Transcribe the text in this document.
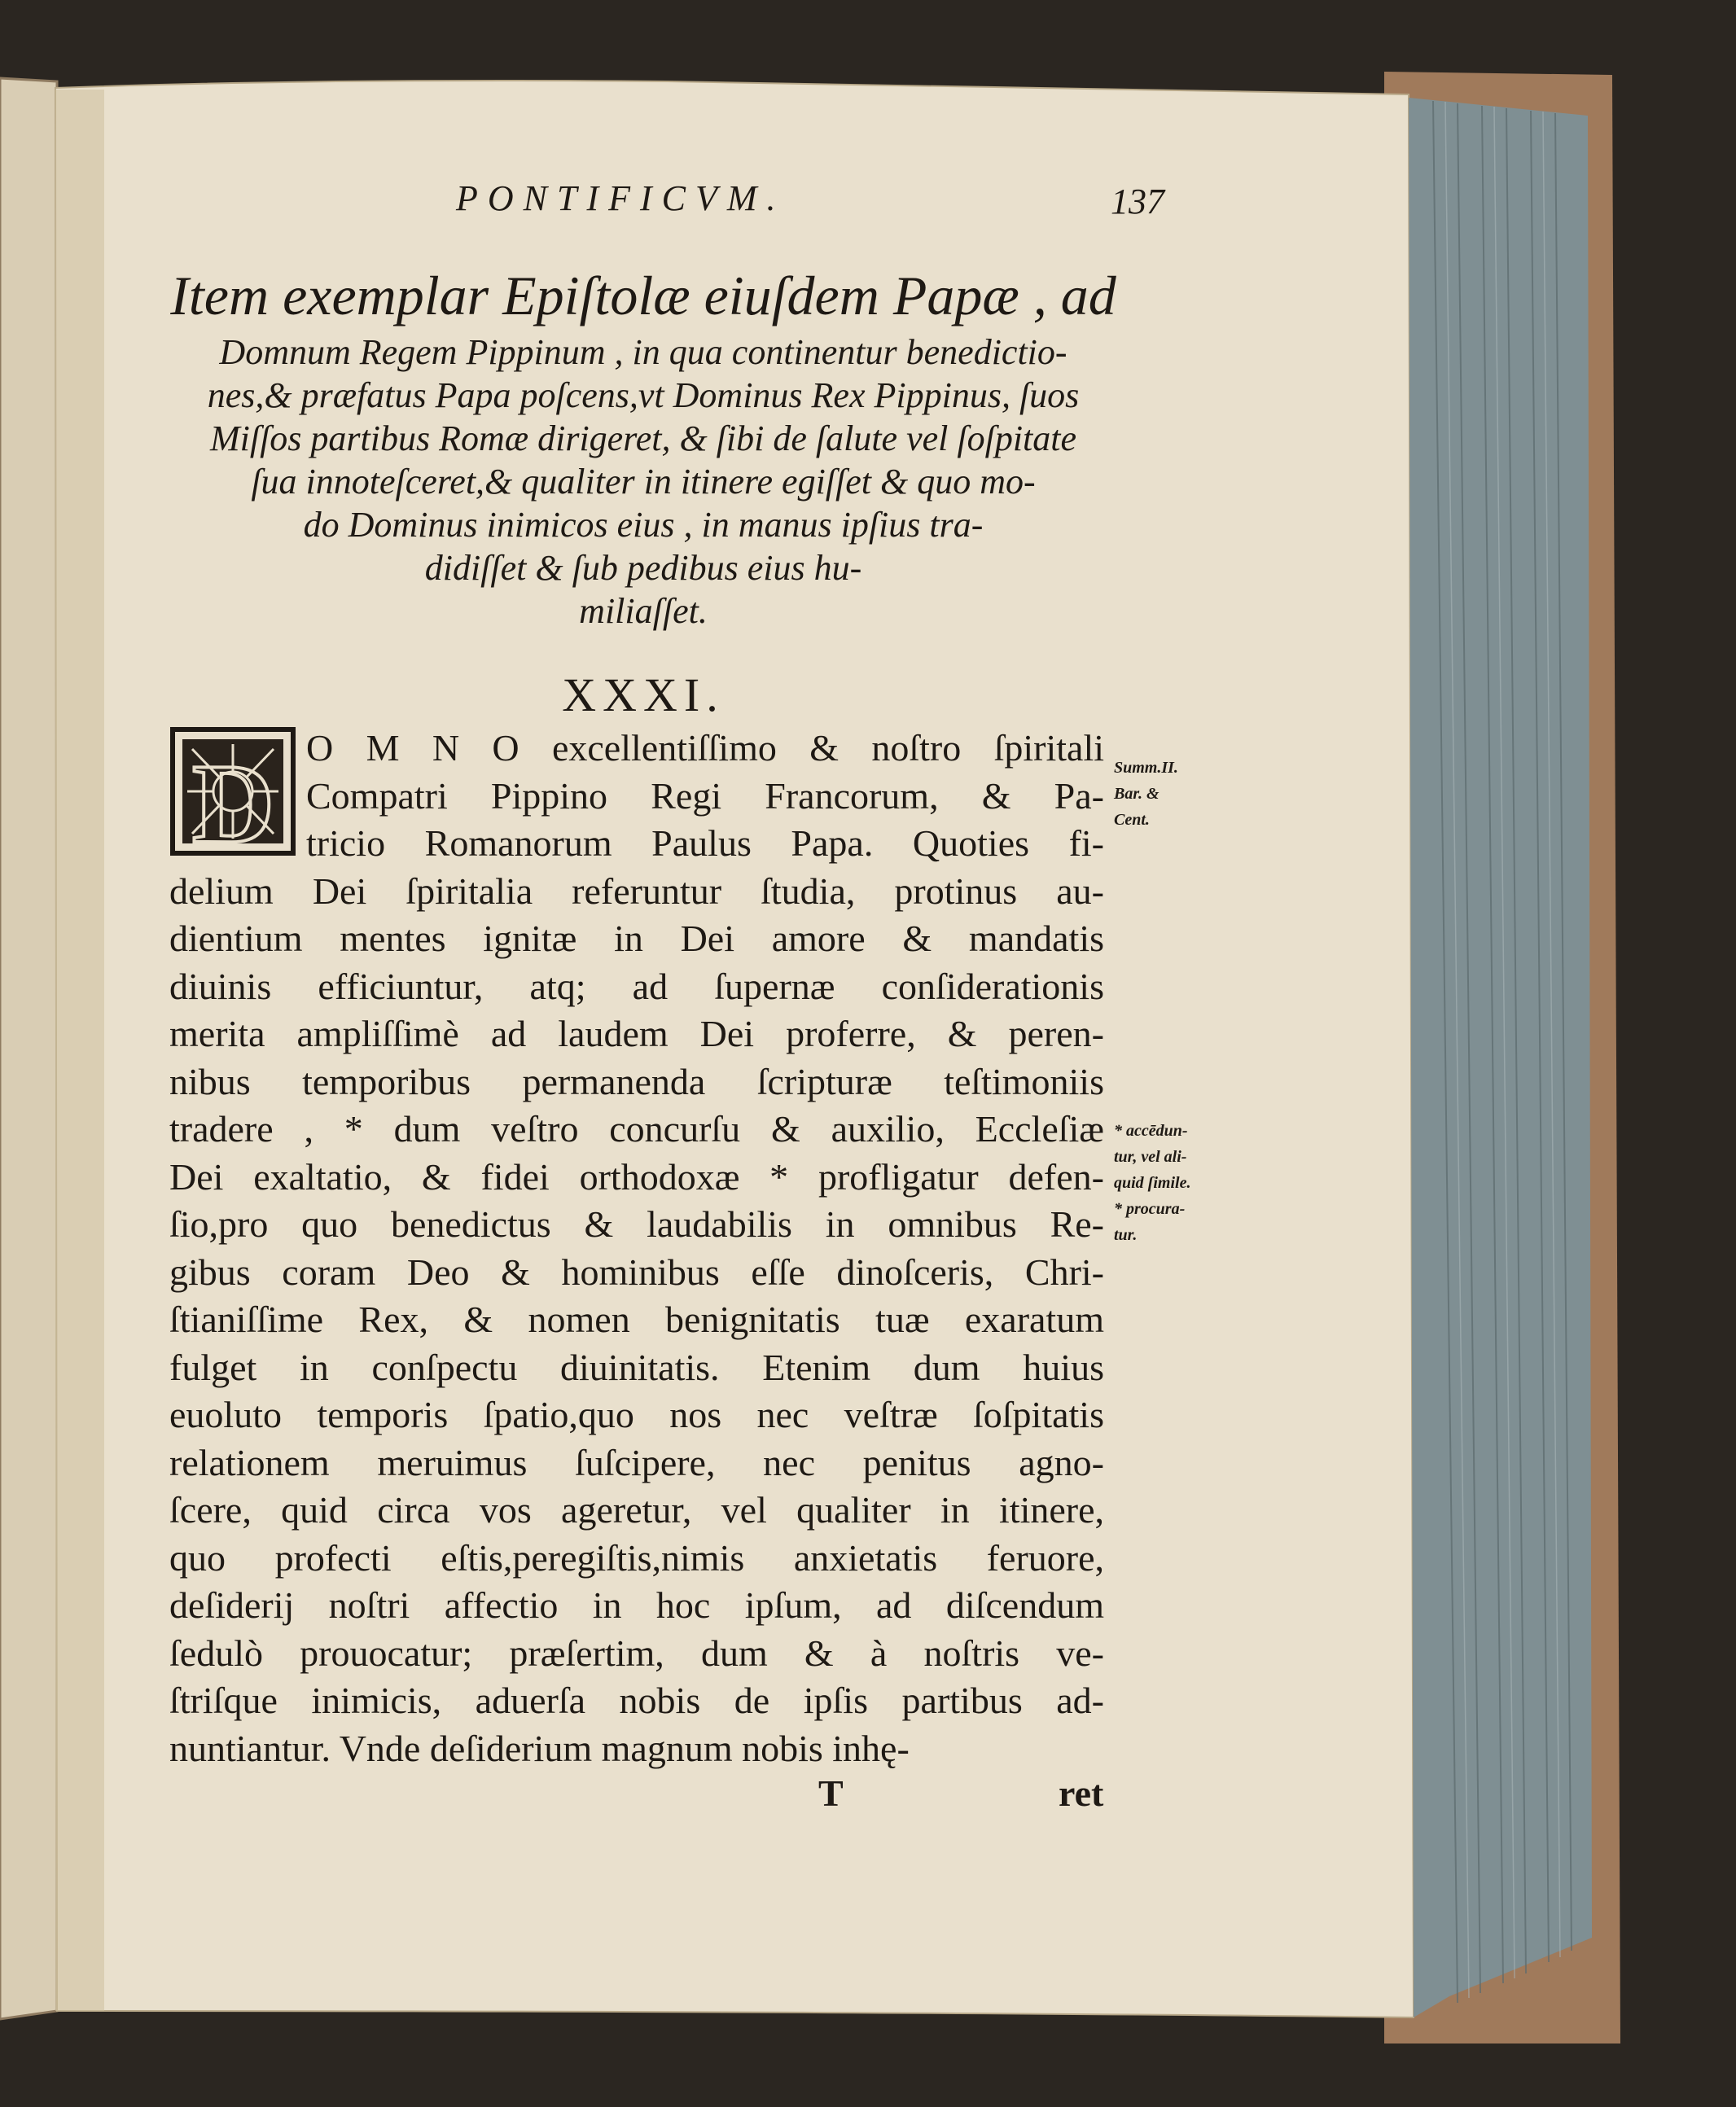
D
PONTIFICVM.	137
Item exemplar Epiſtolæ eiuſdem Papæ , ad
Domnum Regem Pippinum , in qua continentur benedictio-
nes,& præfatus Papa poſcens,vt Dominus Rex Pippinus, ſuos
Miſſos partibus Romæ dirigeret, & ſibi de ſalute vel ſoſpitate
ſua innoteſceret,& qualiter in itinere egiſſet & quo mo-
do Dominus inimicos eius , in manus ipſius tra-
didiſſet & ſub pedibus eius hu-
miliaſſet.
XXXI.
O M N O excellentiſſimo & noſtro ſpiritali
Compatri Pippino Regi Francorum, & Pa-
tricio Romanorum Paulus Papa. Quoties fi-
delium Dei ſpiritalia referuntur ſtudia, protinus au-
dientium mentes ignitæ in Dei amore & mandatis
diuinis efficiuntur, atq; ad ſupernæ conſiderationis
merita ampliſſimè ad laudem Dei proferre, & peren-
nibus temporibus permanenda ſcripturæ teſtimoniis
tradere , * dum veſtro concurſu & auxilio, Eccleſiæ
Dei exaltatio, & fidei orthodoxæ * profligatur defen-
ſio,pro quo benedictus & laudabilis in omnibus Re-
gibus coram Deo & hominibus eſſe dinoſceris, Chri-
ſtianiſſime Rex, & nomen benignitatis tuæ exaratum
fulget in conſpectu diuinitatis. Etenim dum huius
euoluto temporis ſpatio,quo nos nec veſtræ ſoſpitatis
relationem meruimus ſuſcipere, nec penitus agno-
ſcere, quid circa vos ageretur, vel qualiter in itinere,
quo profecti eſtis,peregiſtis,nimis anxietatis feruore,
deſiderij noſtri affectio in hoc ipſum, ad diſcendum
ſedulò prouocatur; præſertim, dum & à noſtris ve-
ſtriſque inimicis, aduerſa nobis de ipſis partibus ad-
nuntiantur. Vnde deſiderium magnum nobis inhę-
Summ.II.
Bar. &
Cent.
* accēdun-
tur, vel ali-
quid ſimile.
* procura-
tur.
T	ret
